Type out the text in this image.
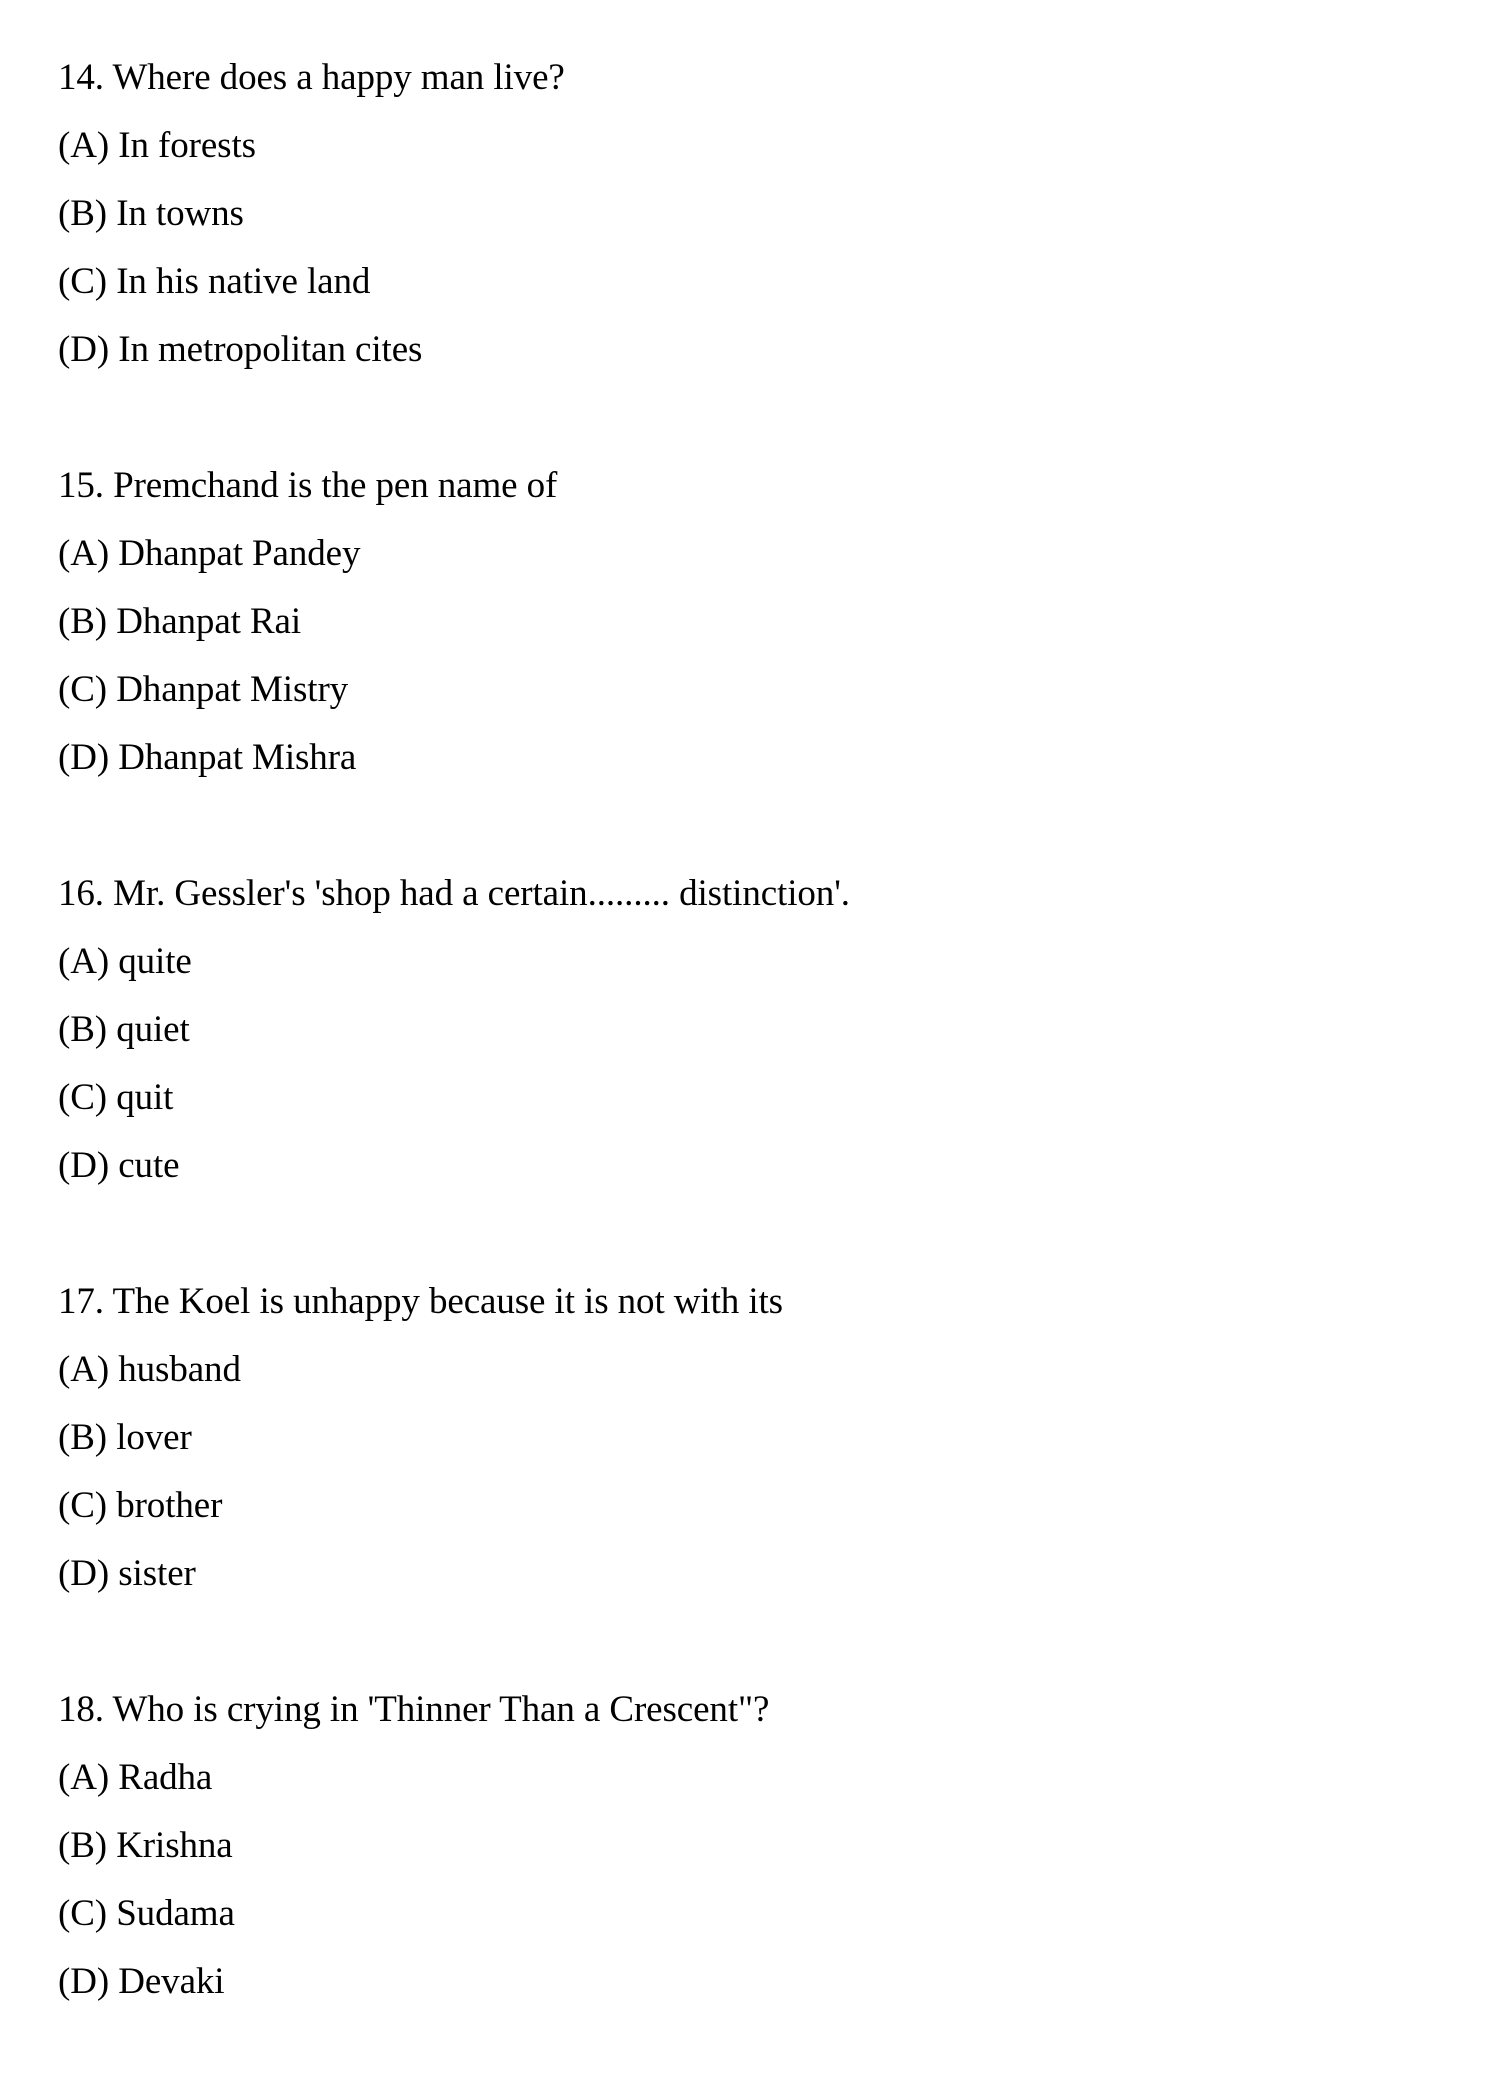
14. Where does a happy man live?
(A) In forests
(B) In towns
(C) In his native land
(D) In metropolitan cites
15. Premchand is the pen name of
(A) Dhanpat Pandey
(B) Dhanpat Rai
(C) Dhanpat Mistry
(D) Dhanpat Mishra
16. Mr. Gessler's 'shop had a certain......... distinction'.
(A) quite
(B) quiet
(C) quit
(D) cute
17. The Koel is unhappy because it is not with its
(A) husband
(B) lover
(C) brother
(D) sister
18. Who is crying in 'Thinner Than a Crescent"?
(A) Radha
(B) Krishna
(C) Sudama
(D) Devaki
